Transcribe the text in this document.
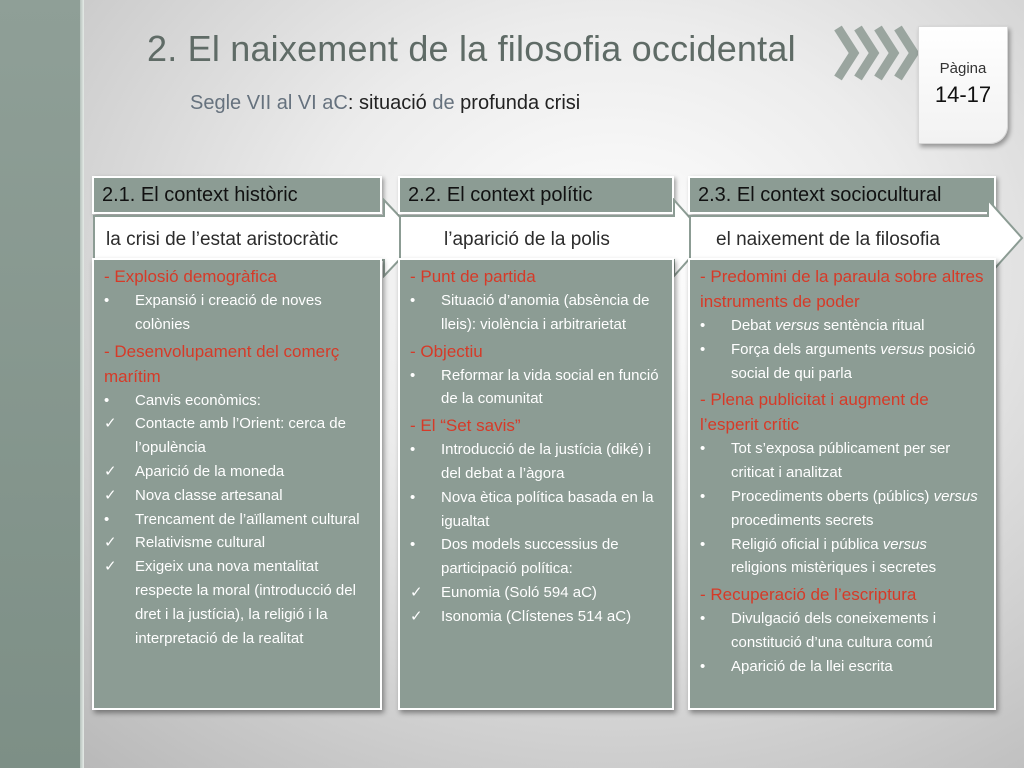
2. El naixement de la filosofia occidental
Segle VII al VI aC: situació de profunda crisi
Pàgina
14-17
2.1. El context històric
la crisi de l’estat aristocràtic
2.2. El context polític
l’aparició de la polis
2.3. El context sociocultural
el naixement de la filosofia
- Explosió demogràfica
•	Expansió i creació de noves colònies
- Desenvolupament del comerç marítim
•	Canvis econòmics:
✓	Contacte amb l’Orient: cerca de l’opulència
✓	Aparició de la moneda
✓	Nova classe artesanal
•	Trencament de l’aïllament cultural
✓	Relativisme cultural
✓	Exigeix una nova mentalitat respecte la moral (introducció del dret i la justícia), la religió i la interpretació de la realitat
- Punt de partida
•	Situació d’anomia (absència de lleis): violència i arbitrarietat
- Objectiu
•	Reformar la vida social en funció de la comunitat
- El “Set savis”
•	Introducció de la justícia (diké) i del debat a l’àgora
•	Nova ètica política basada en la igualtat
•	Dos models successius de participació política:
✓	Eunomia (Soló 594 aC)
✓	Isonomia (Clístenes 514 aC)
- Predomini de la paraula sobre altres instruments de poder
•	Debat versus sentència ritual
•	Força dels arguments versus posició social de qui parla
- Plena publicitat i augment de l’esperit crític
•	Tot s’exposa públicament per ser criticat i analitzat
•	Procediments oberts (públics) versus procediments secrets
•	Religió oficial i pública versus religions mistèriques i secretes
- Recuperació de l’escriptura
•	Divulgació dels coneixements i constitució d’una cultura comú
•	Aparició de la llei escrita
